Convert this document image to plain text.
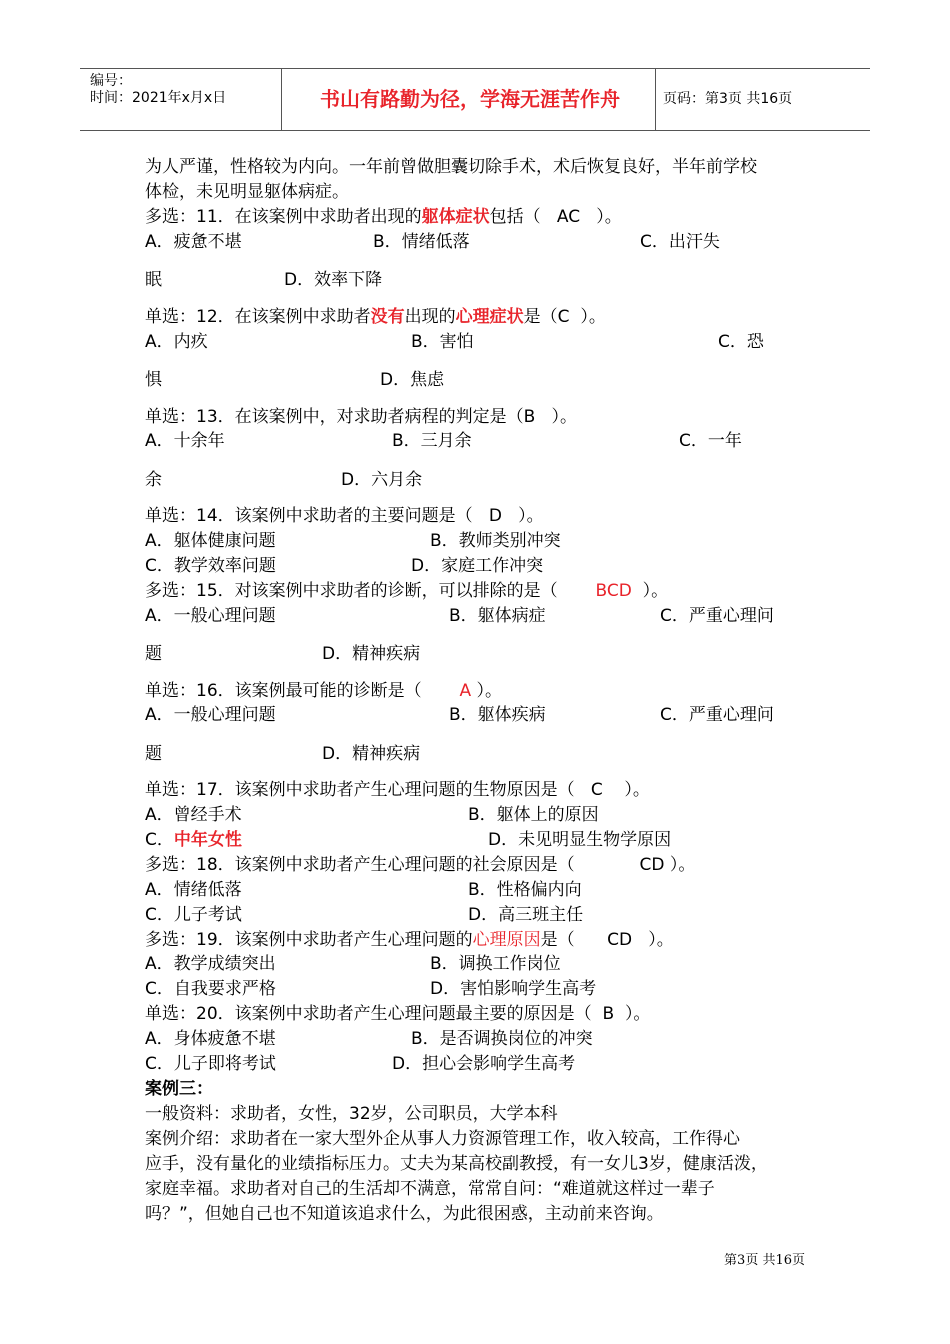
编号：
时间：2021年x月x日	书山有路勤为径，学海无涯苦作舟	页码：第3页 共16页
为人严谨，性格较为内向。一年前曾做胆囊切除手术，术后恢复良好，半年前学校
体检，未见明显躯体病症。
多选：11．在该案例中求助者出现的躯体症状包括（ AC ）。
A．疲惫不堪	B．情绪低落	C．出汗失
眠	D．效率下降
单选：12．在该案例中求助者没有出现的心理症状是（C ）。
A．内疚	B．害怕	C．恐
惧	D．焦虑
单选：13．在该案例中，对求助者病程的判定是（B ）。
A．十余年	B．三月余	C．一年
余	D．六月余
单选：14．该案例中求助者的主要问题是（ D ）。
A．躯体健康问题	B．教师类别冲突
C．教学效率问题	D．家庭工作冲突
多选：15．对该案例中求助者的诊断，可以排除的是（ BCD ）。
A．一般心理问题	B．躯体病症	C．严重心理问
题	D．精神疾病
单选：16．该案例最可能的诊断是（ A ）。
A．一般心理问题	B．躯体疾病	C．严重心理问
题	D．精神疾病
单选：17．该案例中求助者产生心理问题的生物原因是（ C ）。
A．曾经手术	B．躯体上的原因
C．中年女性	D．未见明显生物学原因
多选：18．该案例中求助者产生心理问题的社会原因是（	CD ）。
A．情绪低落	B．性格偏内向
C．儿子考试	D．高三班主任
多选：19．该案例中求助者产生心理问题的心理原因是（ CD ）。
A．教学成绩突出	B．调换工作岗位
C．自我要求严格	D．害怕影响学生高考
单选：20．该案例中求助者产生心理问题最主要的原因是（ B ）。
A．身体疲惫不堪	B．是否调换岗位的冲突
C．儿子即将考试	D．担心会影响学生高考
案例三：
一般资料：求助者，女性，32岁，公司职员，大学本科
案例介绍：求助者在一家大型外企从事人力资源管理工作，收入较高，工作得心
应手，没有量化的业绩指标压力。丈夫为某高校副教授，有一女儿3岁，健康活泼，
家庭幸福。求助者对自己的生活却不满意，常常自问：“难道就这样过一辈子
吗？”，但她自己也不知道该追求什么，为此很困惑，主动前来咨询。
第3页 共16页
